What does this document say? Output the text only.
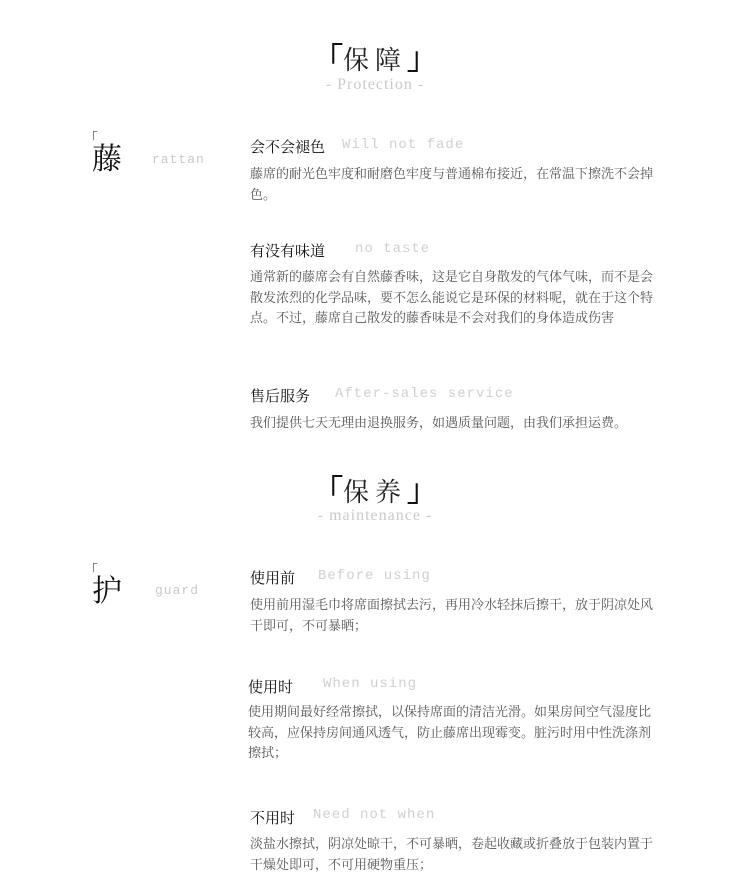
「保障」
- Protection -
「
藤 rattan
会不会褪色 Will not fade
藤席的耐光色牢度和耐磨色牢度与普通棉布接近，在常温下擦洗不会掉色。
有没有味道 no taste
通常新的藤席会有自然藤香味，这是它自身散发的气体气味，而不是会散发浓烈的化学品味，要不怎么能说它是环保的材料呢，就在于这个特点。不过，藤席自己散发的藤香味是不会对我们的身体造成伤害
售后服务 After-sales service
我们提供七天无理由退换服务，如遇质量问题，由我们承担运费。
「保养」
- maintenance -
「
护	guard
使用前 Before using
使用前用湿毛巾将席面擦拭去污，再用冷水轻抹后擦干，放于阴凉处风干即可，不可暴晒；
使用时 When using
使用期间最好经常擦拭，以保持席面的清洁光滑。如果房间空气湿度比较高，应保持房间通风透气，防止藤席出现霉变。脏污时用中性洗涤剂擦拭；
不用时 Need not when
淡盐水擦拭，阴凉处晾干，不可暴晒，卷起收藏或折叠放于包装内置于干燥处即可，不可用硬物重压；
